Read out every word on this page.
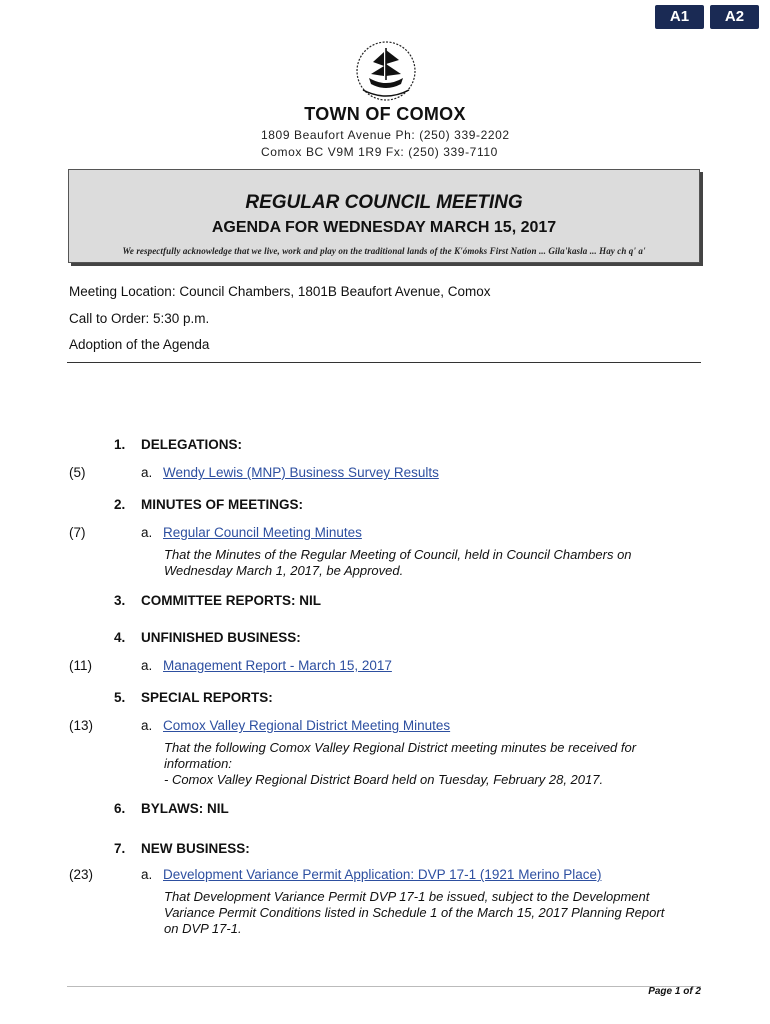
A1	A2
TOWN OF COMOX
1809 Beaufort Avenue Ph: (250) 339-2202
Comox BC V9M 1R9 Fx: (250) 339-7110
REGULAR COUNCIL MEETING
AGENDA FOR WEDNESDAY MARCH 15, 2017
We respectfully acknowledge that we live, work and play on the traditional lands of the K'ómoks First Nation ... Gila'kasla ... Hay ch q' a'
Meeting Location: Council Chambers, 1801B Beaufort Avenue, Comox
Call to Order: 5:30 p.m.
Adoption of the Agenda
1. DELEGATIONS:
(5)	a. Wendy Lewis (MNP) Business Survey Results
2. MINUTES OF MEETINGS:
(7)	a. Regular Council Meeting Minutes
That the Minutes of the Regular Meeting of Council, held in Council Chambers on
Wednesday March 1, 2017, be Approved.
3. COMMITTEE REPORTS: NIL
4. UNFINISHED BUSINESS:
(11)	a. Management Report - March 15, 2017
5. SPECIAL REPORTS:
(13)	a. Comox Valley Regional District Meeting Minutes
That the following Comox Valley Regional District meeting minutes be received for
information:
- Comox Valley Regional District Board held on Tuesday, February 28, 2017.
6. BYLAWS: NIL
7. NEW BUSINESS:
(23)	a. Development Variance Permit Application: DVP 17-1 (1921 Merino Place)
That Development Variance Permit DVP 17-1 be issued, subject to the Development
Variance Permit Conditions listed in Schedule 1 of the March 15, 2017 Planning Report
on DVP 17-1.
Page 1 of 2
